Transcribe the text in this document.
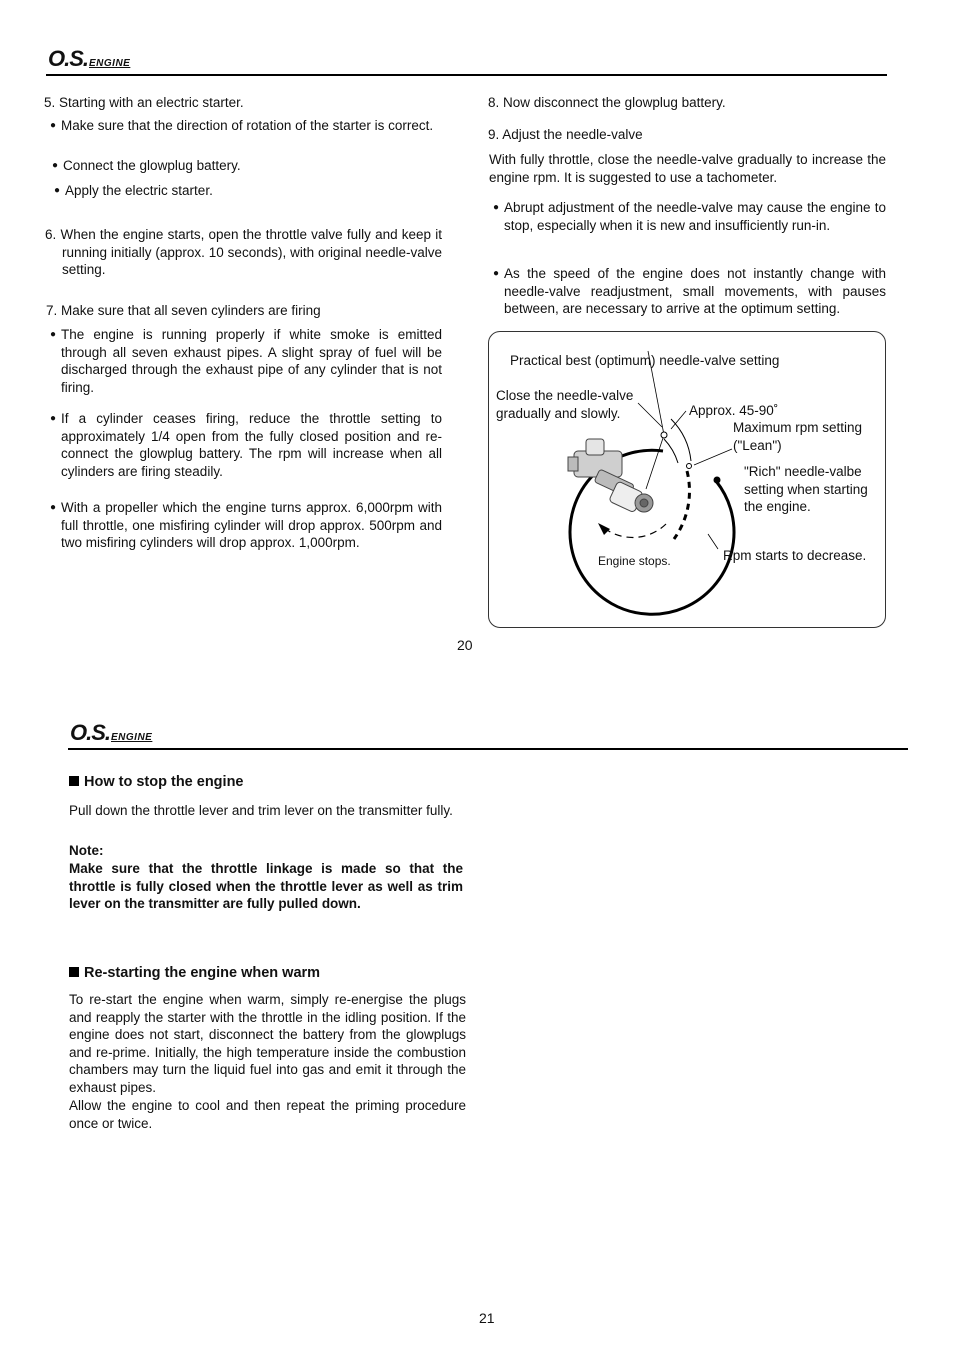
O.S.ENGINE
5. Starting with an electric starter.
● Make sure that the direction of rotation of the starter is correct.
● Connect the glowplug battery.
● Apply the electric starter.
6. When the engine starts, open the throttle valve fully and keep it running initially (approx. 10 seconds), with original needle-valve setting.
7. Make sure that all seven cylinders are firing
● The engine is running properly if white smoke is emitted through all seven exhaust pipes. A slight spray of fuel will be discharged through the exhaust pipe of any cylinder that is not firing.
● If a cylinder ceases firing, reduce the throttle setting to approximately 1/4 open from the fully closed position and re-connect the glowplug battery. The rpm will increase when all cylinders are firing steadily.
● With a propeller which the engine turns approx. 6,000rpm with full throttle, one misfiring cylinder will drop approx. 500rpm and two misfiring cylinders will drop approx. 1,000rpm.
8. Now disconnect the glowplug battery.
9. Adjust the needle-valve
With fully throttle, close the needle-valve gradually to increase the engine rpm. It is suggested to use a tachometer.
● Abrupt adjustment of the needle-valve may cause the engine to stop, especially when it is new and insufficiently run-in.
● As the speed of the engine does not instantly change with needle-valve readjustment, small movements, with pauses between, are necessary to arrive at the optimum setting.
Practical best (optimum) needle-valve setting
Close the needle-valve gradually and slowly.	Approx. 45-90˚
Maximum rpm setting ("Lean")
"Rich" needle-valbe setting when starting the engine.
Engine stops.	Rpm starts to decrease.
20
O.S.ENGINE
How to stop the engine
Pull down the throttle lever and trim lever on the transmitter fully.
Note:
Make sure that the throttle linkage is made so that the throttle is fully closed when the throttle lever as well as trim lever on the transmitter are fully pulled down.
Re-starting the engine when warm
To re-start the engine when warm, simply re-energise the plugs and reapply the starter with the throttle in the idling position. If the engine does not start, disconnect the battery from the glowplugs and re-prime. Initially, the high temperature inside the combustion chambers may turn the liquid fuel into gas and emit it through the exhaust pipes.
Allow the engine to cool and then repeat the priming procedure once or twice.
21
